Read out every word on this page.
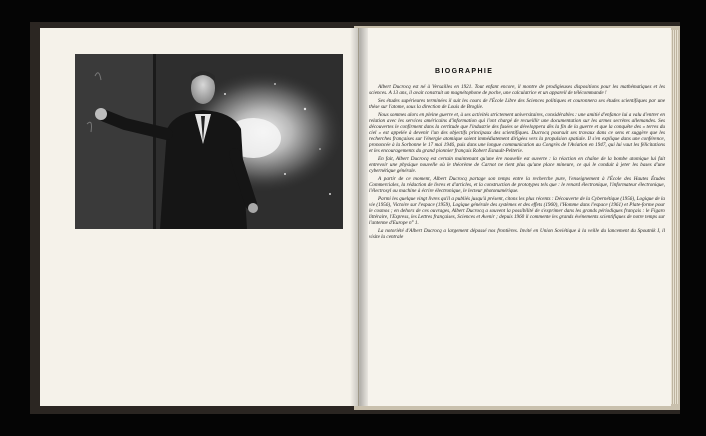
BIOGRAPHIE

Albert Ducrocq est né à Versailles en 1921. Tout enfant encore, il montre de prodigieuses dispositions pour les mathématiques et les sciences. A 13 ans, il avait construit un magnétophone de poche, une calculatrice et un appareil de télécommande !

Ses études supérieures terminées il suit les cours de l'École Libre des Sciences politiques et couronnera ses études scientifiques par une thèse sur l'atome, sous la direction de Louis de Broglie.

Nous sommes alors en pleine guerre et, à ses activités strictement universitaires, considérables : une amitié d'enfance lui a valu d'entrer en relation avec les services américains d'information qui l'ont chargé de recueillir une documentation sur les armes secrètes allemandes. Ses découvertes le confirment dans la certitude que l'industrie des fusées se développera dès la fin de la guerre et que la conquête des « terres du ciel » est appelée à devenir l'un des objectifs principaux des scientifiques. Ducrocq poursuit ses travaux dans ce sens et suggère que les recherches françaises sur l'énergie atomique soient immédiatement dirigées vers la propulsion spatiale. Il s'en explique dans une conférence, prononcée à la Sorbonne le 17 mai 1946, puis dans une longue communication au Congrès de l'Aviation en 1947, qui lui vaut les félicitations et les encouragements du grand pionnier français Robert Esnault-Pelterie.

En fait, Albert Ducrocq est certain maintenant qu'une ère nouvelle est ouverte : la réaction en chaîne de la bombe atomique lui fait entrevoir une physique nouvelle où le théorème de Carnot ne tient plus qu'une place mineure, ce qui le conduit à jeter les bases d'une cybernétique générale.

A partir de ce moment, Albert Ducrocq partage son temps entre la recherche pure, l'enseignement à l'École des Hautes Études Commerciales, la rédaction de livres et d'articles, et la construction de prototypes tels que : le renard électronique, l'informateur électronique, l'électrosyl ou machine à écrire électronique, le lecteur photonumérique.

Parmi les quelque vingt livres qu'il a publiés jusqu'à présent, citons les plus récents : Découverte de la Cybernétique (1956), Logique de la vie (1956), Victoire sur l'espace (1959), Logique générale des systèmes et des effets (1960), l'Homme dans l'espace (1961) et Plate-forme pour le cosmos ; en dehors de ces ouvrages, Albert Ducrocq a souvent la possibilité de s'exprimer dans les grands périodiques français : le Figaro littéraire, l'Express, les Lettres françaises, Sciences et Avenir ; depuis 1960 il commente les grands événements scientifiques de notre temps sur l'antenne d'Europe n° 1.

La notoriété d'Albert Ducrocq a largement dépassé nos frontières. Invité en Union Soviétique à la veille du lancement du Spoutnik I, il visite la centrale
